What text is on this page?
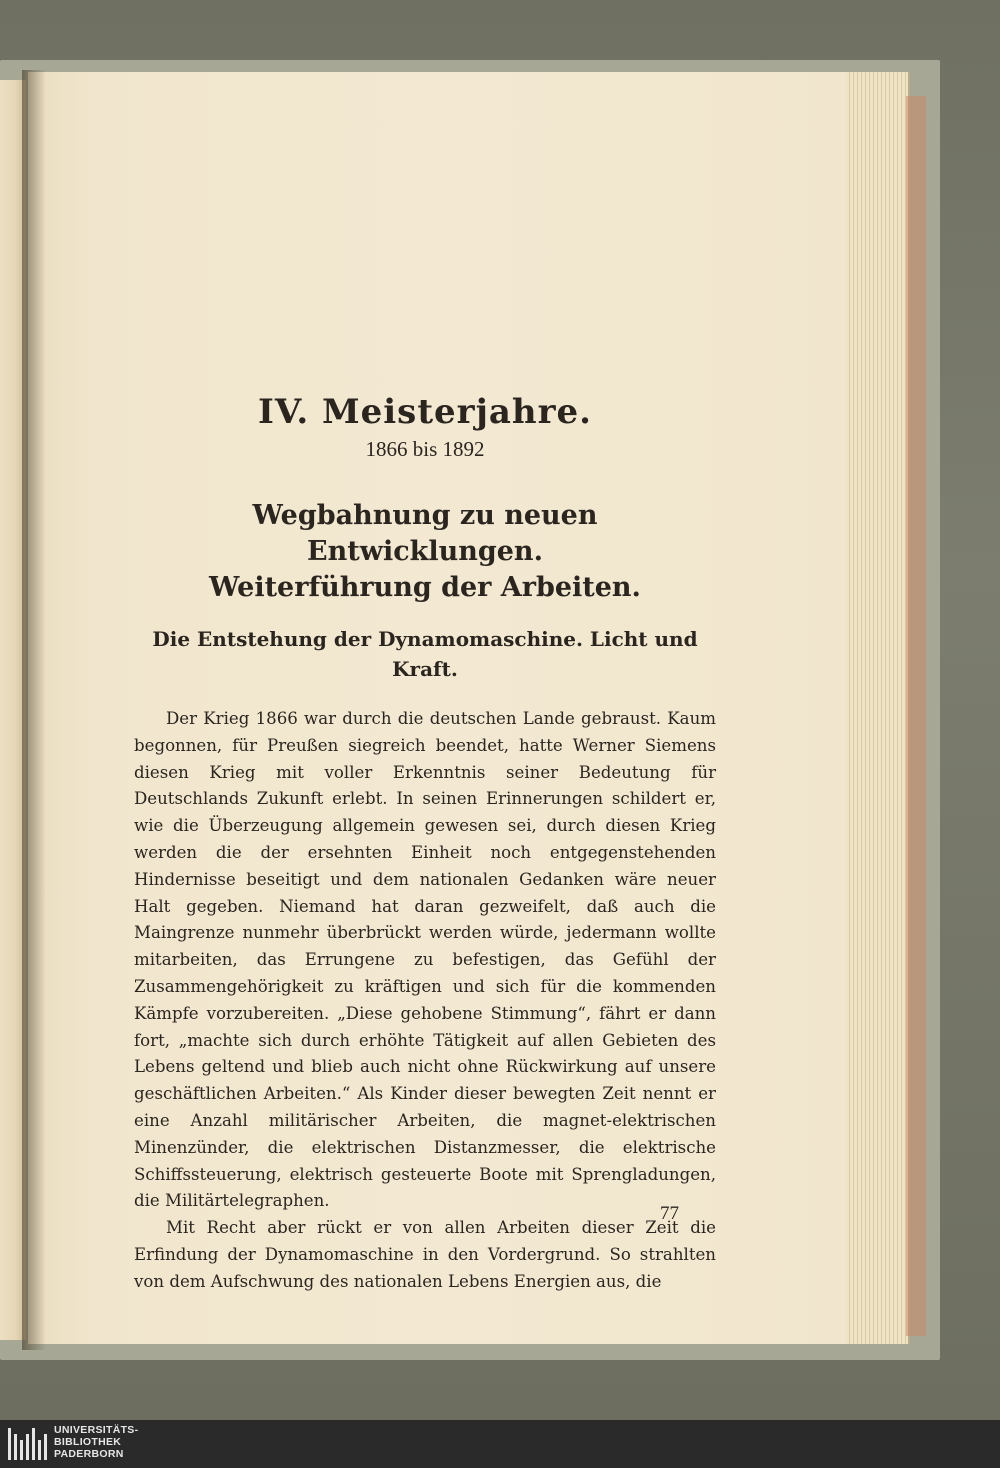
IV. Meisterjahre.
1866 bis 1892
Wegbahnung zu neuen Entwicklungen.
Weiterführung der Arbeiten.
Die Entstehung der Dynamomaschine. Licht und Kraft.

Der Krieg 1866 war durch die deutschen Lande gebraust. Kaum begonnen, für Preußen siegreich beendet, hatte Werner Siemens diesen Krieg mit voller Erkenntnis seiner Bedeutung für Deutschlands Zukunft erlebt. In seinen Erinnerungen schildert er, wie die Überzeugung allgemein gewesen sei, durch diesen Krieg werden die der ersehnten Einheit noch entgegenstehenden Hindernisse beseitigt und dem nationalen Gedanken wäre neuer Halt gegeben. Niemand hat daran gezweifelt, daß auch die Maingrenze nunmehr überbrückt werden würde, jedermann wollte mitarbeiten, das Errungene zu befestigen, das Gefühl der Zusammengehörigkeit zu kräftigen und sich für die kommenden Kämpfe vorzubereiten. „Diese gehobene Stimmung“, fährt er dann fort, „machte sich durch erhöhte Tätigkeit auf allen Gebieten des Lebens geltend und blieb auch nicht ohne Rückwirkung auf unsere geschäftlichen Arbeiten.“ Als Kinder dieser bewegten Zeit nennt er eine Anzahl militärischer Arbeiten, die magnet-elektrischen Minenzünder, die elektrischen Distanzmesser, die elektrische Schiffssteuerung, elektrisch gesteuerte Boote mit Sprengladungen, die Militärtelegraphen.

Mit Recht aber rückt er von allen Arbeiten dieser Zeit die Erfindung der Dynamomaschine in den Vordergrund. So strahlten von dem Aufschwung des nationalen Lebens Energien aus, die

77
UNIVERSITÄTS-
BIBLIOTHEK
PADERBORN
